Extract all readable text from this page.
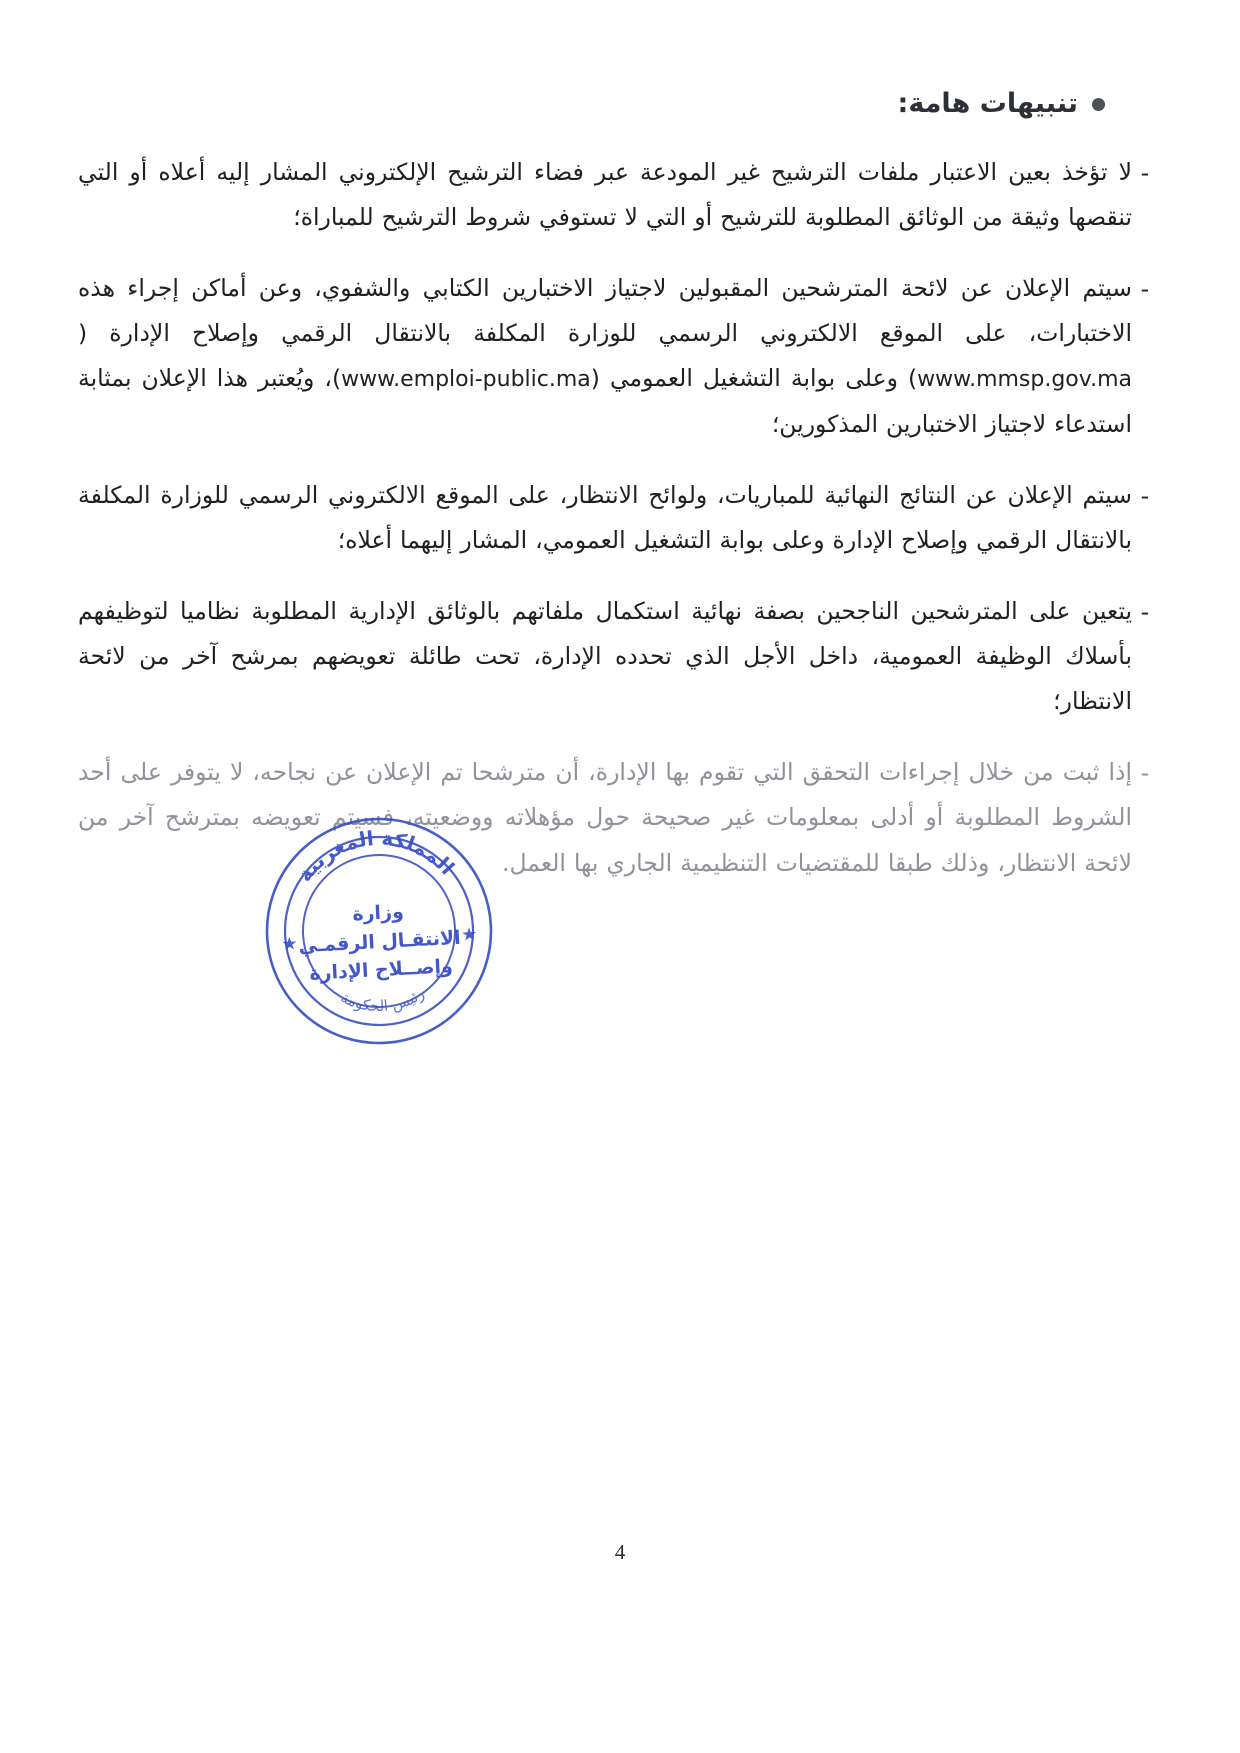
تنبيهات هامة:
-
لا تؤخذ بعين الاعتبار ملفات الترشيح غير المودعة عبر فضاء الترشيح الإلكتروني المشار إليه أعلاه أو التي تنقصها وثيقة من الوثائق المطلوبة للترشيح أو التي لا تستوفي شروط الترشيح للمباراة؛
-
سيتم الإعلان عن لائحة المترشحين المقبولين لاجتياز الاختبارين الكتابي والشفوي، وعن أماكن إجراء هذه الاختبارات، على الموقع الالكتروني الرسمي للوزارة المكلفة بالانتقال الرقمي وإصلاح الإدارة (www.mmsp.gov.ma) وعلى بوابة التشغيل العمومي (www.emploi-public.ma)، ويُعتبر هذا الإعلان بمثابة استدعاء لاجتياز الاختبارين المذكورين؛
-
سيتم الإعلان عن النتائج النهائية للمباريات، ولوائح الانتظار، على الموقع الالكتروني الرسمي للوزارة المكلفة بالانتقال الرقمي وإصلاح الإدارة وعلى بوابة التشغيل العمومي، المشار إليهما أعلاه؛
-
يتعين على المترشحين الناجحين بصفة نهائية استكمال ملفاتهم بالوثائق الإدارية المطلوبة نظاميا لتوظيفهم بأسلاك الوظيفة العمومية، داخل الأجل الذي تحدده الإدارة، تحت طائلة تعويضهم بمرشح آخر من لائحة الانتظار؛
-
إذا ثبت من خلال إجراءات التحقق التي تقوم بها الإدارة، أن مترشحا تم الإعلان عن نجاحه، لا يتوفر على أحد الشروط المطلوبة أو أدلى بمعلومات غير صحيحة حول مؤهلاته ووضعيته، فسيتم تعويضه بمترشح آخر من لائحة الانتظار، وذلك طبقا للمقتضيات التنظيمية الجاري بها العمل.
المملكة المغربية
رئيس الحكومة
وزارة
الانتقـال الرقمـي
وإصــلاح الإدارة
★	★
4
